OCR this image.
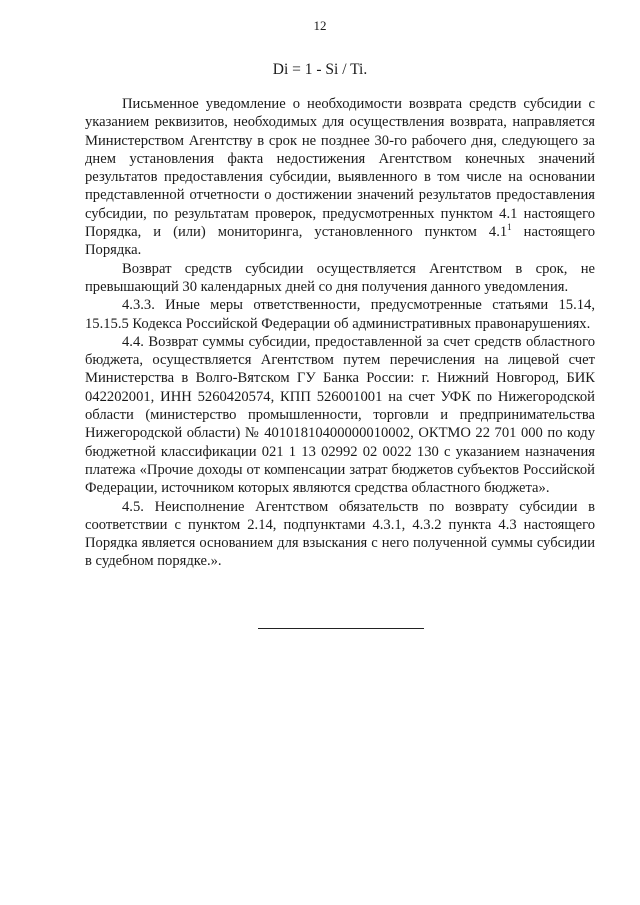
12
Di = 1 - Si / Ti.

Письменное уведомление о необходимости возврата средств субсидии с указанием реквизитов, необходимых для осуществления возврата, направляется Министерством Агентству в срок не позднее 30-го рабочего дня, следующего за днем установления факта недостижения Агентством конечных значений результатов предоставления субсидии, выявленного в том числе на основании представленной отчетности о достижении значений результатов предоставления субсидии, по результатам проверок, предусмотренных пунктом 4.1 настоящего Порядка, и (или) мониторинга, установленного пунктом $4.1^1$ настоящего Порядка.

Возврат средств субсидии осуществляется Агентством в срок, не превышающий 30 календарных дней со дня получения данного уведомления.

4.3.3. Иные меры ответственности, предусмотренные статьями 15.14, 15.15.5 Кодекса Российской Федерации об административных правонарушениях.

4.4. Возврат суммы субсидии, предоставленной за счет средств областного бюджета, осуществляется Агентством путем перечисления на лицевой счет Министерства в Волго-Вятском ГУ Банка России: г. Нижний Новгород, БИК 042202001, ИНН 5260420574, КПП 526001001 на счет УФК по Нижегородской области (министерство промышленности, торговли и предпринимательства Нижегородской области) № 40101810400000010002, ОКТМО 22 701 000 по коду бюджетной классификации 021 1 13 02992 02 0022 130 с указанием назначения платежа «Прочие доходы от компенсации затрат бюджетов субъектов Российской Федерации, источником которых являются средства областного бюджета».

4.5. Неисполнение Агентством обязательств по возврату субсидии в соответствии с пунктом 2.14, подпунктами 4.3.1, 4.3.2 пункта 4.3 настоящего Порядка является основанием для взыскания с него полученной суммы субсидии в судебном порядке.».
